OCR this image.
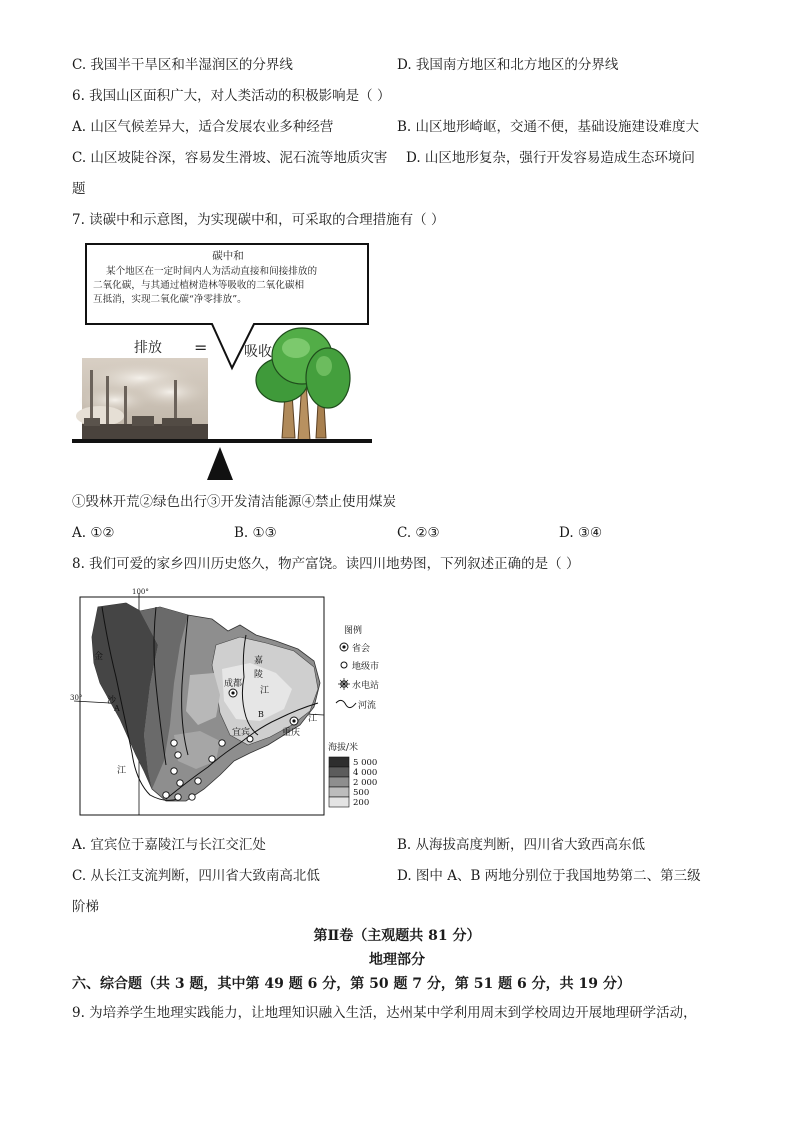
C. 我国半干旱区和半湿润区的分界线	D. 我国南方地区和北方地区的分界线
6. 我国山区面积广大，对人类活动的积极影响是（ ）
A. 山区气候差异大，适合发展农业多种经营	B. 山区地形崎岖，交通不便，基础设施建设难度大
C. 山区坡陡谷深，容易发生滑坡、泥石流等地质灾害 D. 山区地形复杂，强行开发容易造成生态环境问
题
7. 读碳中和示意图，为实现碳中和，可采取的合理措施有（ ）
碳中和
某个地区在一定时间内人为活动直接和间接排放的
二氧化碳，与其通过植树造林等吸收的二氧化碳相
互抵消，实现二氧化碳“净零排放”。
排放 =	吸收
①毁林开荒②绿色出行③开发清洁能源④禁止使用煤炭
A. ①②	B. ①③	C. ②③	D. ③④
8. 我们可爱的家乡四川历史悠久，物产富饶。读四川地势图，下列叙述正确的是（ ）
100°
30°
金
沙
江
嘉
陵
江
江
成都
宜宾	重庆
A
B
图例
省会
地级市
水电站
河流
海拔/米
5 000
4 000
2 000
500
200
A. 宜宾位于嘉陵江与长江交汇处	B. 从海拔高度判断，四川省大致西高东低
C. 从长江支流判断，四川省大致南高北低	D. 图中 A、B 两地分别位于我国地势第二、第三级
阶梯
第Ⅱ卷（主观题共 81 分）
地理部分
六、综合题（共 3 题，其中第 49 题 6 分，第 50 题 7 分，第 51 题 6 分，共 19 分）
9. 为培养学生地理实践能力，让地理知识融入生活，达州某中学利用周末到学校周边开展地理研学活动，
